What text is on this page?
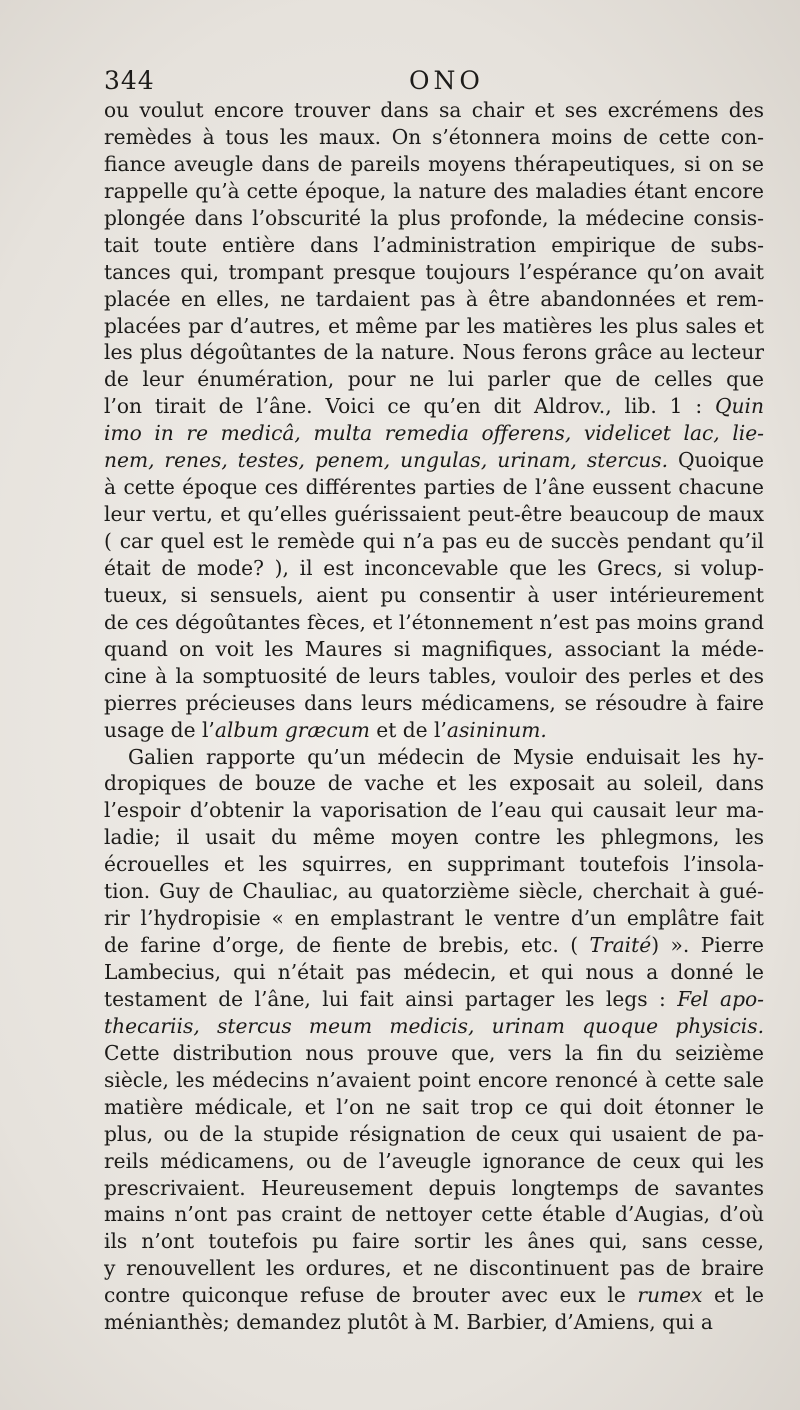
344	ONO
ou voulut encore trouver dans sa chair et ses excrémens des
remèdes à tous les maux. On s’étonnera moins de cette con-
fiance aveugle dans de pareils moyens thérapeutiques, si on se
rappelle qu’à cette époque, la nature des maladies étant encore
plongée dans l’obscurité la plus profonde, la médecine consis-
tait toute entière dans l’administration empirique de subs-
tances qui, trompant presque toujours l’espérance qu’on avait
placée en elles, ne tardaient pas à être abandonnées et rem-
placées par d’autres, et même par les matières les plus sales et
les plus dégoûtantes de la nature. Nous ferons grâce au lecteur
de leur énumération, pour ne lui parler que de celles que
l’on tirait de l’âne. Voici ce qu’en dit Aldrov., lib. 1 : Quin
imo in re medicâ, multa remedia offerens, videlicet lac, lie-
nem, renes, testes, penem, ungulas, urinam, stercus. Quoique
à cette époque ces différentes parties de l’âne eussent chacune
leur vertu, et qu’elles guérissaient peut-être beaucoup de maux
( car quel est le remède qui n’a pas eu de succès pendant qu’il
était de mode? ), il est inconcevable que les Grecs, si volup-
tueux, si sensuels, aient pu consentir à user intérieurement
de ces dégoûtantes fèces, et l’étonnement n’est pas moins grand
quand on voit les Maures si magnifiques, associant la méde-
cine à la somptuosité de leurs tables, vouloir des perles et des
pierres précieuses dans leurs médicamens, se résoudre à faire
usage de l’album græcum et de l’asininum.
Galien rapporte qu’un médecin de Mysie enduisait les hy-
dropiques de bouze de vache et les exposait au soleil, dans
l’espoir d’obtenir la vaporisation de l’eau qui causait leur ma-
ladie; il usait du même moyen contre les phlegmons, les
écrouelles et les squirres, en supprimant toutefois l’insola-
tion. Guy de Chauliac, au quatorzième siècle, cherchait à gué-
rir l’hydropisie « en emplastrant le ventre d’un emplâtre fait
de farine d’orge, de fiente de brebis, etc. ( Traité) ». Pierre
Lambecius, qui n’était pas médecin, et qui nous a donné le
testament de l’âne, lui fait ainsi partager les legs : Fel apo-
thecariis, stercus meum medicis, urinam quoque physicis.
Cette distribution nous prouve que, vers la fin du seizième
siècle, les médecins n’avaient point encore renoncé à cette sale
matière médicale, et l’on ne sait trop ce qui doit étonner le
plus, ou de la stupide résignation de ceux qui usaient de pa-
reils médicamens, ou de l’aveugle ignorance de ceux qui les
prescrivaient. Heureusement depuis longtemps de savantes
mains n’ont pas craint de nettoyer cette étable d’Augias, d’où
ils n’ont toutefois pu faire sortir les ânes qui, sans cesse,
y renouvellent les ordures, et ne discontinuent pas de braire
contre quiconque refuse de brouter avec eux le rumex et le
ménianthès; demandez plutôt à M. Barbier, d’Amiens, qui a
